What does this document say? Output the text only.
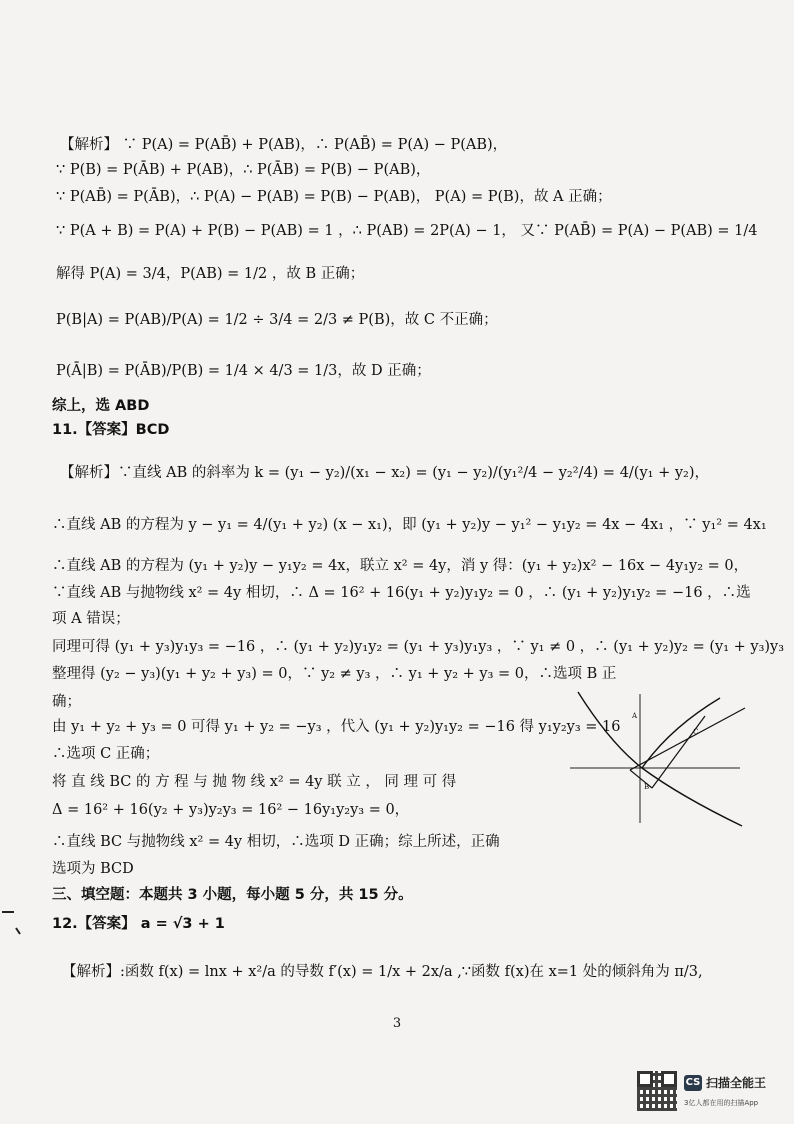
【解析】 ∵ P(A) = P(AB̄) + P(AB)，∴ P(AB̄) = P(A) − P(AB)，
∵ P(B) = P(ĀB) + P(AB)，∴ P(ĀB) = P(B) − P(AB)，
∵ P(AB̄) = P(ĀB)，∴ P(A) − P(AB) = P(B) − P(AB)， P(A) = P(B)，故 A 正确；
∵ P(A + B) = P(A) + P(B) − P(AB) = 1 ，∴ P(AB) = 2P(A) − 1， 又∵ P(AB̄) = P(A) − P(AB) = 1/4
解得 P(A) = 3/4，P(AB) = 1/2 ，故 B 正确；
P(B|A) = P(AB)/P(A) = 1/2 ÷ 3/4 = 2/3 ≠ P(B)，故 C 不正确；
P(Ā|B) = P(ĀB)/P(B) = 1/4 × 4/3 = 1/3，故 D 正确；
综上，选 ABD
11.【答案】BCD
【解析】∵直线 AB 的斜率为 k = (y₁ − y₂)/(x₁ − x₂) = (y₁ − y₂)/(y₁²/4 − y₂²/4) = 4/(y₁ + y₂)，
∴直线 AB 的方程为 y − y₁ = 4/(y₁ + y₂) (x − x₁)，即 (y₁ + y₂)y − y₁² − y₁y₂ = 4x − 4x₁ ，∵ y₁² = 4x₁
∴直线 AB 的方程为 (y₁ + y₂)y − y₁y₂ = 4x，联立 x² = 4y，消 y 得：(y₁ + y₂)x² − 16x − 4y₁y₂ = 0，
∵直线 AB 与抛物线 x² = 4y 相切，∴ Δ = 16² + 16(y₁ + y₂)y₁y₂ = 0 ，∴ (y₁ + y₂)y₁y₂ = −16 ，∴选
项 A 错误；
同理可得 (y₁ + y₃)y₁y₃ = −16 ，∴ (y₁ + y₂)y₁y₂ = (y₁ + y₃)y₁y₃ ，∵ y₁ ≠ 0 ，∴ (y₁ + y₂)y₂ = (y₁ + y₃)y₃
整理得 (y₂ − y₃)(y₁ + y₂ + y₃) = 0，∵ y₂ ≠ y₃ ，∴ y₁ + y₂ + y₃ = 0，∴选项 B 正
确；
由 y₁ + y₂ + y₃ = 0 可得 y₁ + y₂ = −y₃ ，代入 (y₁ + y₂)y₁y₂ = −16 得 y₁y₂y₃ = 16
∴选项 C 正确；
将 直 线 BC 的 方 程 与 抛 物 线 x² = 4y 联 立 ， 同 理 可 得
Δ = 16² + 16(y₂ + y₃)y₂y₃ = 16² − 16y₁y₂y₃ = 0，
∴直线 BC 与抛物线 x² = 4y 相切，∴选项 D 正确；综上所述，正确
选项为 BCD
三、填空题：本题共 3 小题，每小题 5 分，共 15 分。
12.【答案】 a = √3 + 1
【解析】:函数 f(x) = lnx + x²/a 的导数 f′(x) = 1/x + 2x/a ,∵函数 f(x)在 x=1 处的倾斜角为 π/3,
C
B
A
3
CS 扫描全能王
3亿人都在用的扫描App
